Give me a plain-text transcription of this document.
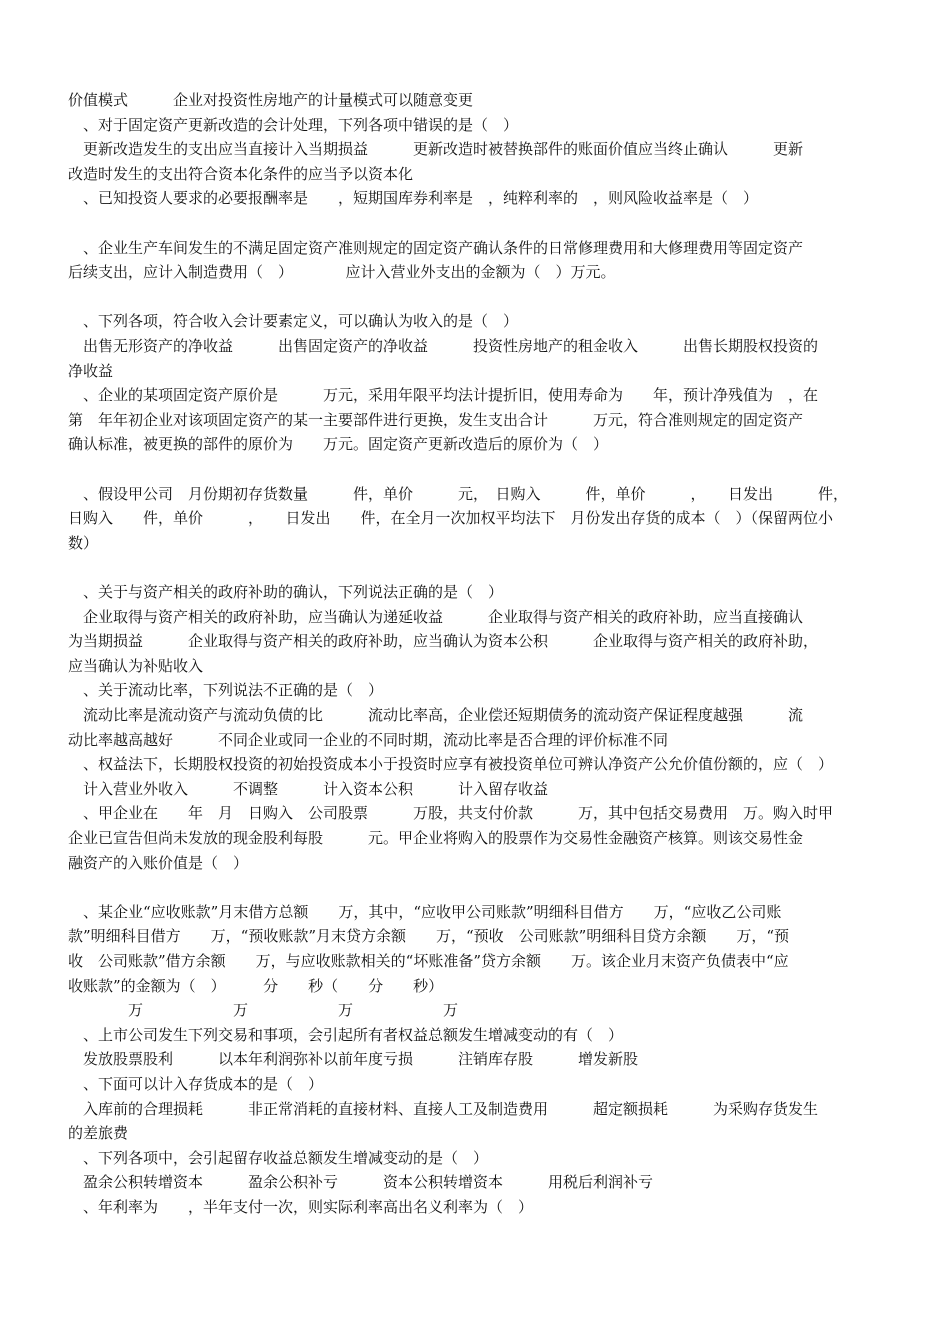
价值模式　　　企业对投资性房地产的计量模式可以随意变更
　、对于固定资产更新改造的会计处理，下列各项中错误的是（　）
　更新改造发生的支出应当直接计入当期损益　　　更新改造时被替换部件的账面价值应当终止确认　　　更新
改造时发生的支出符合资本化条件的应当予以资本化
　、已知投资人要求的必要报酬率是　　，短期国库券利率是　，纯粹利率的　，则风险收益率是（　）
　、企业生产车间发生的不满足固定资产准则规定的固定资产确认条件的日常修理费用和大修理费用等固定资产
后续支出，应计入制造费用（　）　　　　应计入营业外支出的金额为（　）万元。
　、下列各项，符合收入会计要素定义，可以确认为收入的是（　）
　出售无形资产的净收益　　　出售固定资产的净收益　　　投资性房地产的租金收入　　　出售长期股权投资的
净收益
　、企业的某项固定资产原价是　　　万元，采用年限平均法计提折旧，使用寿命为　　年，预计净残值为　，在
第　年年初企业对该项固定资产的某一主要部件进行更换，发生支出合计　　　万元，符合准则规定的固定资产
确认标准，被更换的部件的原价为　　万元。固定资产更新改造后的原价为（　）
　、假设甲公司　月份期初存货数量　　　件，单价　　　元，　日购入　　　件，单价　　　，　　日发出　　　件，
日购入　　件，单价　　　，　　日发出　　件，在全月一次加权平均法下　月份发出存货的成本（　）（保留两位小
数）
　、关于与资产相关的政府补助的确认，下列说法正确的是（　）
　企业取得与资产相关的政府补助，应当确认为递延收益　　　企业取得与资产相关的政府补助，应当直接确认
为当期损益　　　企业取得与资产相关的政府补助，应当确认为资本公积　　　企业取得与资产相关的政府补助，
应当确认为补贴收入
　、关于流动比率，下列说法不正确的是（　）
　流动比率是流动资产与流动负债的比　　　流动比率高，企业偿还短期债务的流动资产保证程度越强　　　流
动比率越高越好　　　不同企业或同一企业的不同时期，流动比率是否合理的评价标准不同
　、权益法下，长期股权投资的初始投资成本小于投资时应享有被投资单位可辨认净资产公允价值份额的，应（　）
　计入营业外收入　　　不调整　　　计入资本公积　　　计入留存收益
　、甲企业在　　年　月　日购入　公司股票　　　万股，共支付价款　　　万，其中包括交易费用　万。购入时甲
企业已宣告但尚未发放的现金股利每股　　　元。甲企业将购入的股票作为交易性金融资产核算。则该交易性金
融资产的入账价值是（　）
　、某企业“应收账款”月末借方总额　　万，其中，“应收甲公司账款”明细科目借方　　万，“应收乙公司账
款”明细科目借方　　万，“预收账款”月末贷方余额　　万，“预收　公司账款”明细科目贷方余额　　万，“预
收　公司账款”借方余额　　万，与应收账款相关的“坏账准备”贷方余额　　万。该企业月末资产负债表中“应
收账款”的金额为（　）　　　分　　秒（　　分　　秒）
　　　　万　　　　　　万　　　　　　万　　　　　　万
　、上市公司发生下列交易和事项，会引起所有者权益总额发生增减变动的有（　）
　发放股票股利　　　以本年利润弥补以前年度亏损　　　注销库存股　　　增发新股
　、下面可以计入存货成本的是（　）
　入库前的合理损耗　　　非正常消耗的直接材料、直接人工及制造费用　　　超定额损耗　　　为采购存货发生
的差旅费
　、下列各项中，会引起留存收益总额发生增减变动的是（　）
　盈余公积转增资本　　　盈余公积补亏　　　资本公积转增资本　　　用税后利润补亏
　、年利率为　　，半年支付一次，则实际利率高出名义利率为（　）
